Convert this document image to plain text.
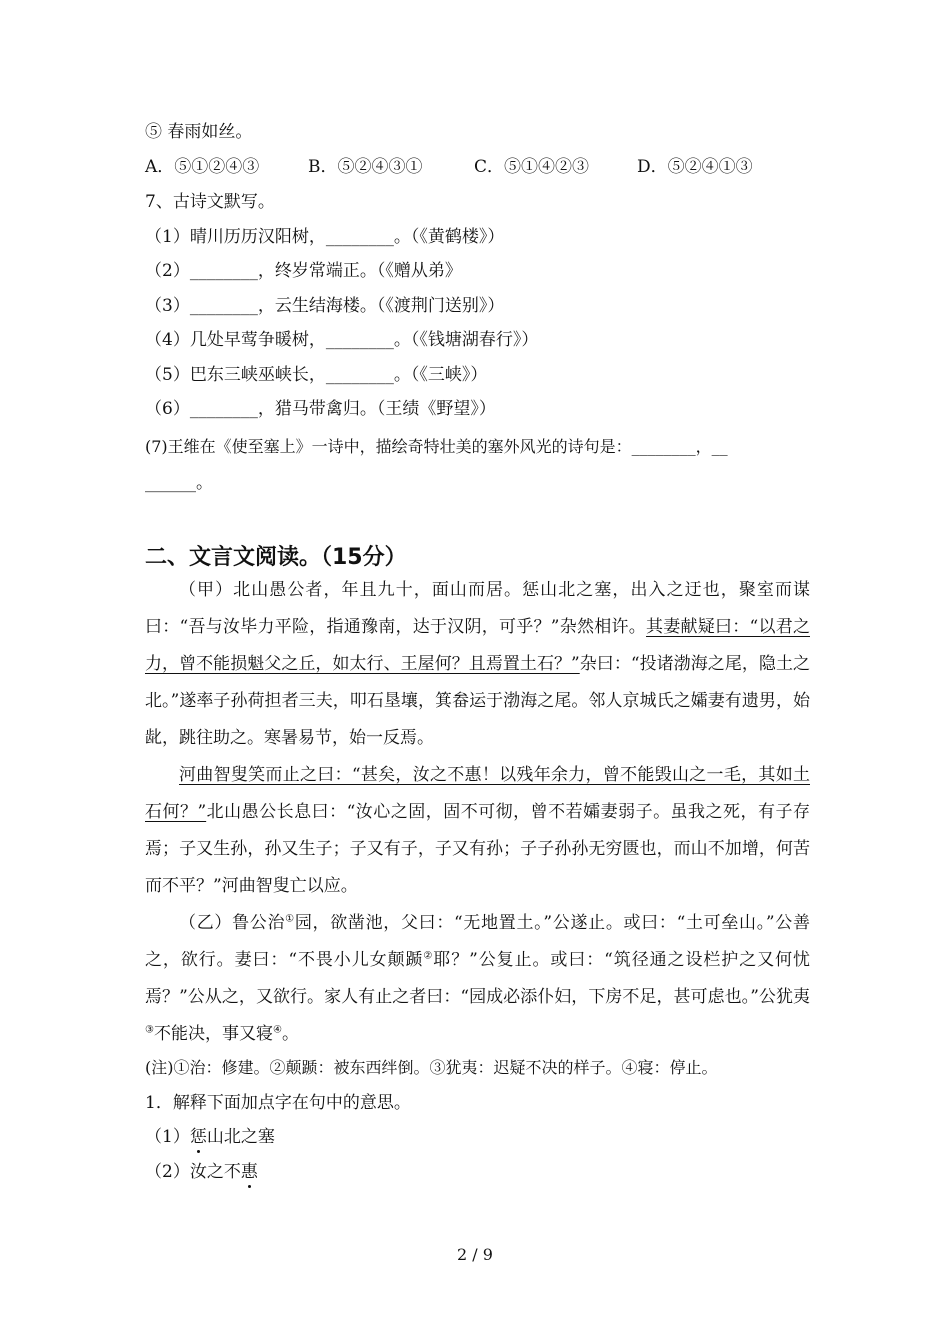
⑤ 春雨如丝。
A．⑤①②④③	B．⑤②④③①	C．⑤①④②③	D．⑤②④①③
7、古诗文默写。
（1）晴川历历汉阳树，________。（《黄鹤楼》）
（2）________，终岁常端正。（《赠从弟》
（3）________，云生结海楼。（《渡荆门送别》）
（4）几处早莺争暖树，________。（《钱塘湖春行》）
（5）巴东三峡巫峡长，________。（《三峡》）
（6）________，猎马带禽归。（王绩《野望》）
(7)王维在《使至塞上》一诗中，描绘奇特壮美的塞外风光的诗句是：________，__
______。
二、文言文阅读。（15分）
（甲）北山愚公者，年且九十，面山而居。惩山北之塞，出入之迂也，聚室而谋曰：“吾与汝毕力平险，指通豫南，达于汉阴，可乎？”杂然相许。其妻献疑曰：“以君之力，曾不能损魁父之丘，如太行、王屋何？且焉置土石？”杂曰：“投诸渤海之尾，隐土之北。”遂率子孙荷担者三夫，叩石垦壤，箕畚运于渤海之尾。邻人京城氏之孀妻有遗男，始龀，跳往助之。寒暑易节，始一反焉。
河曲智叟笑而止之曰：“甚矣，汝之不惠！以残年余力，曾不能毁山之一毛，其如土石何？”北山愚公长息曰：“汝心之固，固不可彻，曾不若孀妻弱子。虽我之死，有子存焉；子又生孙，孙又生子；子又有子，子又有孙；子子孙孙无穷匮也，而山不加增，何苦而不平？”河曲智叟亡以应。
（乙）鲁公治①园，欲凿池，父曰：“无地置土。”公遂止。或曰：“土可垒山。”公善之，欲行。妻曰：“不畏小儿女颠踬②耶？”公复止。或曰：“筑径通之设栏护之又何忧焉？”公从之，又欲行。家人有止之者曰：“园成必添仆妇，下房不足，甚可虑也。”公犹夷③不能决，事又寝④。
(注)①治：修建。②颠踬：被东西绊倒。③犹夷：迟疑不决的样子。④寝：停止。
1．解释下面加点字在句中的意思。
（1）惩山北之塞
（2）汝之不惠
2 / 9
